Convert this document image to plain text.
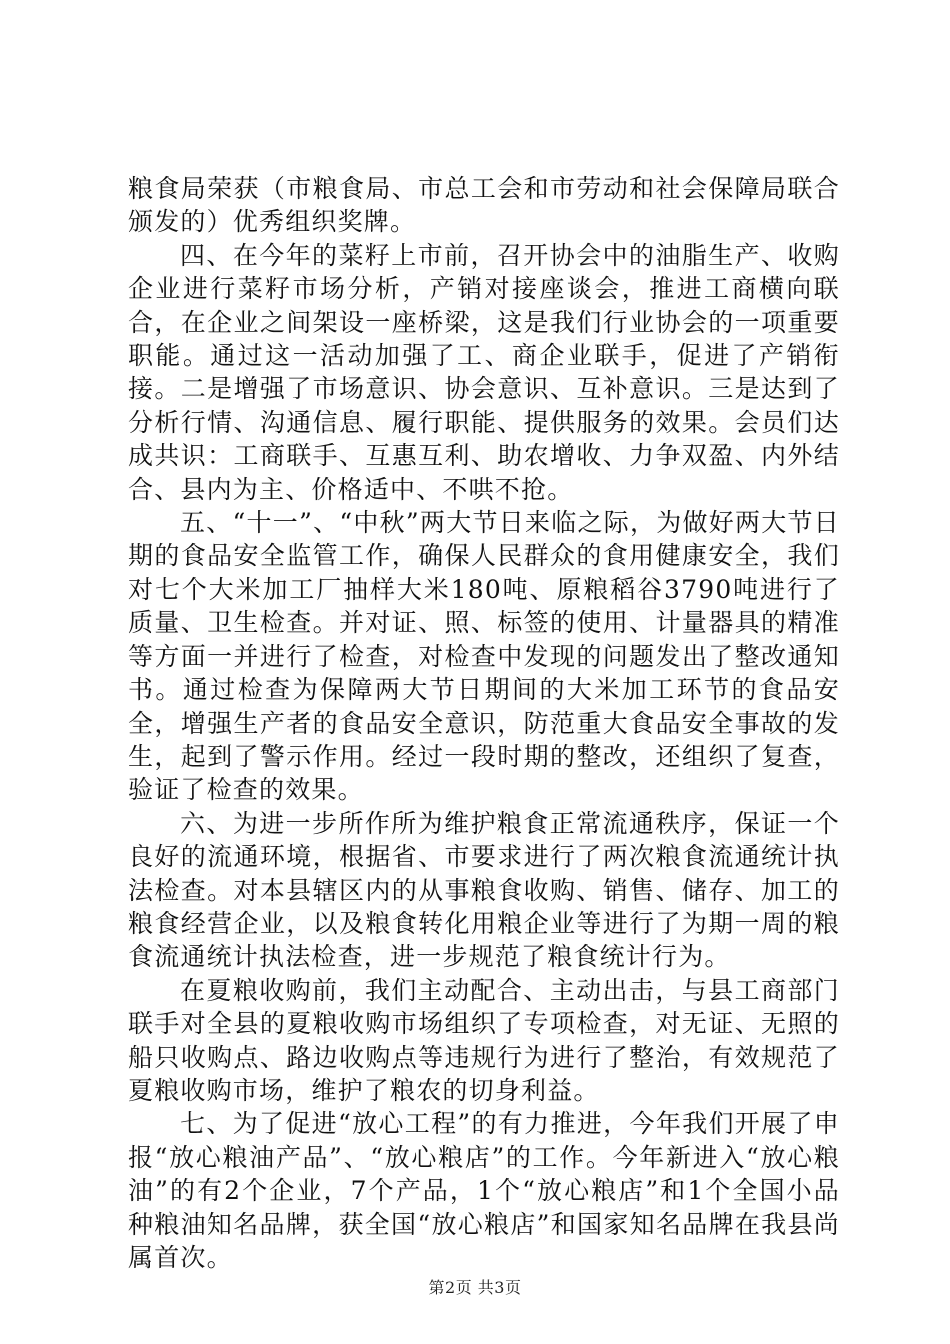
粮食局荣获（市粮食局、市总工会和市劳动和社会保障局联合颁发的）优秀组织奖牌。

四、在今年的菜籽上市前，召开协会中的油脂生产、收购企业进行菜籽市场分析，产销对接座谈会，推进工商横向联合，在企业之间架设一座桥梁，这是我们行业协会的一项重要职能。通过这一活动加强了工、商企业联手，促进了产销衔接。二是增强了市场意识、协会意识、互补意识。三是达到了分析行情、沟通信息、履行职能、提供服务的效果。会员们达成共识：工商联手、互惠互利、助农增收、力争双盈、内外结合、县内为主、价格适中、不哄不抢。

五、“十一”、“中秋”两大节日来临之际，为做好两大节日期的食品安全监管工作，确保人民群众的食用健康安全，我们对七个大米加工厂抽样大米180吨、原粮稻谷3790吨进行了质量、卫生检查。并对证、照、标签的使用、计量器具的精准等方面一并进行了检查，对检查中发现的问题发出了整改通知书。通过检查为保障两大节日期间的大米加工环节的食品安全，增强生产者的食品安全意识，防范重大食品安全事故的发生，起到了警示作用。经过一段时期的整改，还组织了复查，验证了检查的效果。

六、为进一步所作所为维护粮食正常流通秩序，保证一个良好的流通环境，根据省、市要求进行了两次粮食流通统计执法检查。对本县辖区内的从事粮食收购、销售、储存、加工的粮食经营企业，以及粮食转化用粮企业等进行了为期一周的粮食流通统计执法检查，进一步规范了粮食统计行为。

在夏粮收购前，我们主动配合、主动出击，与县工商部门联手对全县的夏粮收购市场组织了专项检查，对无证、无照的船只收购点、路边收购点等违规行为进行了整治，有效规范了夏粮收购市场，维护了粮农的切身利益。

七、为了促进“放心工程”的有力推进，今年我们开展了申报“放心粮油产品”、“放心粮店”的工作。今年新进入“放心粮油”的有2个企业，7个产品，1个“放心粮店”和1个全国小品种粮油知名品牌，获全国“放心粮店”和国家知名品牌在我县尚属首次。

第2页 共3页
